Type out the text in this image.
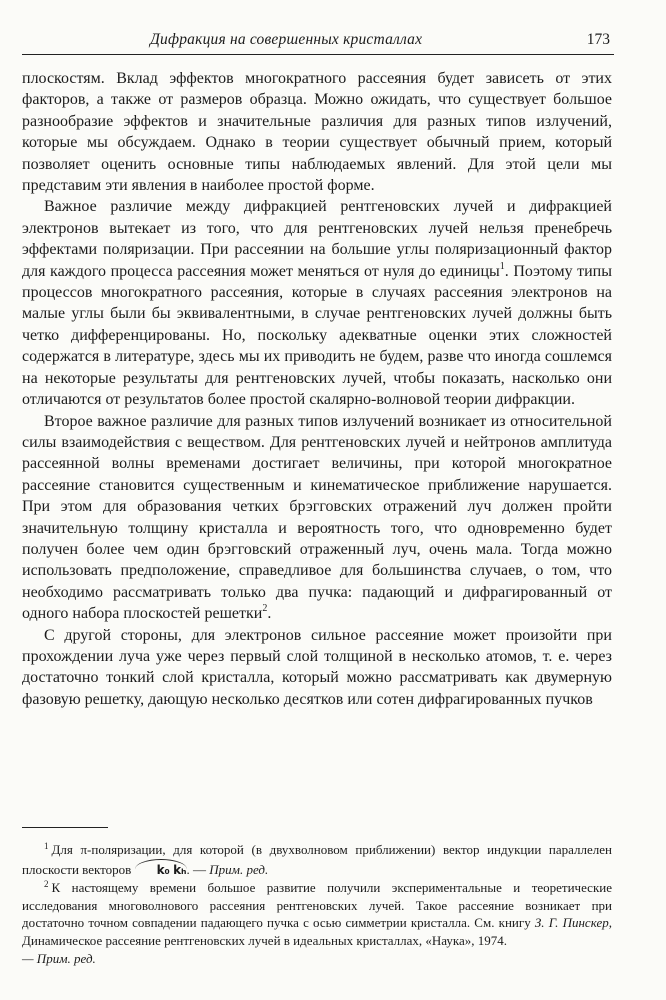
Дифракция на совершенных кристаллах	173

плоскостям. Вклад эффектов многократного рассеяния будет зависеть от этих факторов, а также от размеров образца. Можно ожидать, что существует большое разнообразие эффектов и значительные различия для разных типов излучений, которые мы обсуждаем. Однако в теории существует обычный прием, который позволяет оценить основные типы наблюдаемых явлений. Для этой цели мы представим эти явления в наиболее простой форме.

Важное различие между дифракцией рентгеновских лучей и дифракцией электронов вытекает из того, что для рентгеновских лучей нельзя пренебречь эффектами поляризации. При рассеянии на большие углы поляризационный фактор для каждого процесса рассеяния может меняться от нуля до единицы$^1$. Поэтому типы процессов многократного рассеяния, которые в случаях рассеяния электронов на малые углы были бы эквивалентными, в случае рентгеновских лучей должны быть четко дифференцированы. Но, поскольку адекватные оценки этих сложностей содержатся в литературе, здесь мы их приводить не будем, разве что иногда сошлемся на некоторые результаты для рентгеновских лучей, чтобы показать, насколько они отличаются от результатов более простой скалярно-волновой теории дифракции.

Второе важное различие для разных типов излучений возникает из относительной силы взаимодействия с веществом. Для рентгеновских лучей и нейтронов амплитуда рассеянной волны временами достигает величины, при которой многократное рассеяние становится существенным и кинематическое приближение нарушается. При этом для образования четких брэгговских отражений луч должен пройти значительную толщину кристалла и вероятность того, что одновременно будет получен более чем один брэгговский отраженный луч, очень мала. Тогда можно использовать предположение, справедливое для большинства случаев, о том, что необходимо рассматривать только два пучка: падающий и дифрагированный от одного набора плоскостей решетки$^2$.

С другой стороны, для электронов сильное рассеяние может произойти при прохождении луча уже через первый слой толщиной в несколько атомов, т. е. через достаточно тонкий слой кристалла, который можно рассматривать как двумерную фазовую решетку, дающую несколько десятков или сотен дифрагированных пучков

$^1$ Для π-поляризации, для которой (в двухволновом приближении) вектор индукции параллелен плоскости векторов k₀ kₕ. — Прим. ред.

$^2$ К настоящему времени большое развитие получили экспериментальные и теоретические исследования многоволнового рассеяния рентгеновских лучей. Такое рассеяние возникает при достаточно точном совпадении падающего пучка с осью симметрии кристалла. См. книгу З. Г. Пинскер, Динамическое рассеяние рентгеновских лучей в идеальных кристаллах, «Наука», 1974.

— Прим. ред.
